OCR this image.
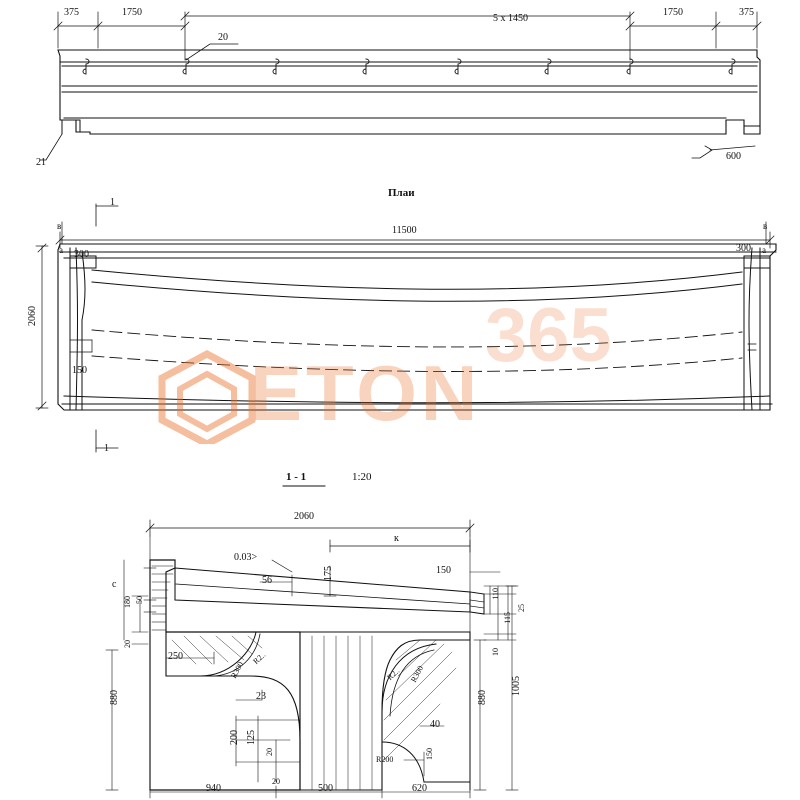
375	1750
5 x 1450
1750	375
20
21
600
Плаи
1
1
11500
в
а
в
а
300
150
300
2060
1 - 1	1:20
2060
к
с
0.03>
56	175	150
110
25
10
115
50
180
20
880
250
23
200 125
20
20
40
R300	R300
R2..
R2..
R200	150
880
1005
940	500	620
365
ETON
